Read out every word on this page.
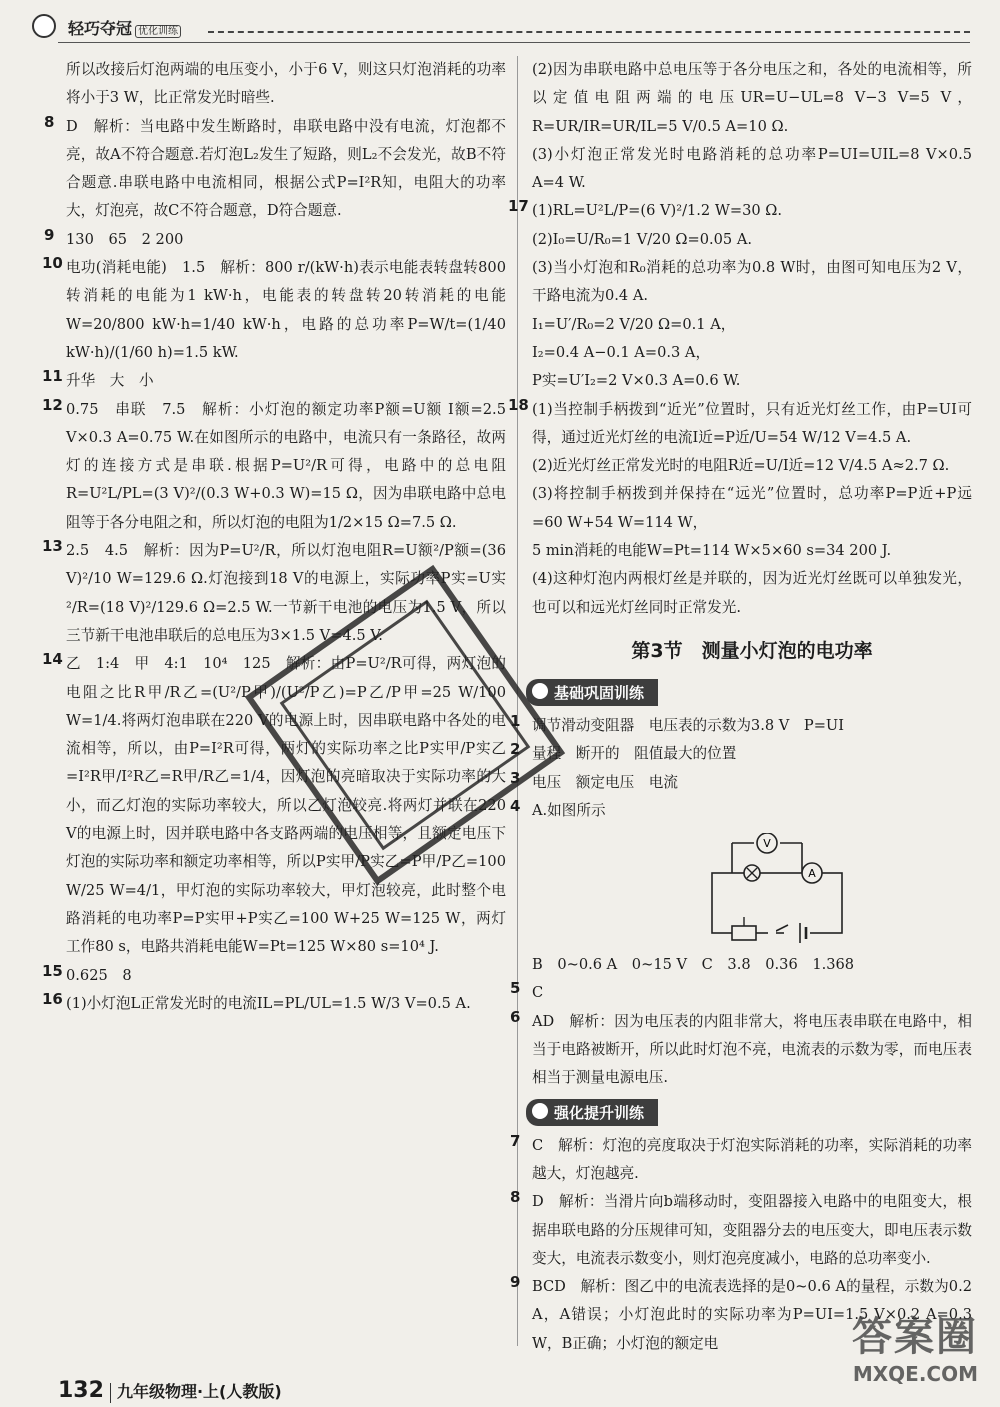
轻巧夺冠 优化训练

所以改接后灯泡两端的电压变小，小于6 V，则这只灯泡消耗的功率将小于3 W，比正常发光时暗些.

8 D　解析：当电路中发生断路时，串联电路中没有电流，灯泡都不亮，故A不符合题意.若灯泡L₂发生了短路，则L₂不会发光，故B不符合题意.串联电路中电流相同，根据公式P=I²R知，电阻大的功率大，灯泡亮，故C不符合题意，D符合题意.

9 130　65　2 200

10 电功(消耗电能)　1.5　解析：800 r/(kW·h)表示电能表转盘转800转消耗的电能为1 kW·h，电能表的转盘转20转消耗的电能W=20/800 kW·h=1/40 kW·h，电路的总功率P=W/t=(1/40 kW·h)/(1/60 h)=1.5 kW.

11 升华　大　小

12 0.75　串联　7.5　解析：小灯泡的额定功率P额=U额 I额=2.5 V×0.3 A=0.75 W.在如图所示的电路中，电流只有一条路径，故两灯的连接方式是串联.根据P=U²/R可得，电路中的总电阻R=U²L/PL=(3 V)²/(0.3 W+0.3 W)=15 Ω，因为串联电路中总电阻等于各分电阻之和，所以灯泡的电阻为1/2×15 Ω=7.5 Ω.

13 2.5　4.5　解析：因为P=U²/R，所以灯泡电阻R=U额²/P额=(36 V)²/10 W=129.6 Ω.灯泡接到18 V的电源上，实际功率P实=U实²/R=(18 V)²/129.6 Ω=2.5 W.一节新干电池的电压为1.5 V，所以三节新干电池串联后的总电压为3×1.5 V=4.5 V.

14 乙　1:4　甲　4:1　10⁴　125　解析：由P=U²/R可得，两灯泡的电阻之比R甲/R乙=(U²/P甲)/(U²/P乙)=P乙/P甲=25 W/100 W=1/4.将两灯泡串联在220 V的电源上时，因串联电路中各处的电流相等，所以，由P=I²R可得，两灯的实际功率之比P实甲/P实乙=I²R甲/I²R乙=R甲/R乙=1/4，因灯泡的亮暗取决于实际功率的大小，而乙灯泡的实际功率较大，所以乙灯泡较亮.将两灯并联在220 V的电源上时，因并联电路中各支路两端的电压相等，且额定电压下灯泡的实际功率和额定功率相等，所以P实甲/P实乙=P甲/P乙=100 W/25 W=4/1，甲灯泡的实际功率较大，甲灯泡较亮，此时整个电路消耗的电功率P=P实甲+P实乙=100 W+25 W=125 W，两灯工作80 s，电路共消耗电能W=Pt=125 W×80 s=10⁴ J.

15 0.625　8

16 (1)小灯泡L正常发光时的电流IL=PL/UL=1.5 W/3 V=0.5 A.

(2)因为串联电路中总电压等于各分电压之和，各处的电流相等，所以定值电阻两端的电压UR=U−UL=8 V−3 V=5 V，R=UR/IR=UR/IL=5 V/0.5 A=10 Ω.

(3)小灯泡正常发光时电路消耗的总功率P=UI=UIL=8 V×0.5 A=4 W.

17 (1)RL=U²L/P=(6 V)²/1.2 W=30 Ω.

(2)I₀=U/R₀=1 V/20 Ω=0.05 A.

(3)当小灯泡和R₀消耗的总功率为0.8 W时，由图可知电压为2 V，干路电流为0.4 A.

I₁=U′/R₀=2 V/20 Ω=0.1 A，

I₂=0.4 A−0.1 A=0.3 A，

P实=U′I₂=2 V×0.3 A=0.6 W.

18 (1)当控制手柄拨到“近光”位置时，只有近光灯丝工作，由P=UI可得，通过近光灯丝的电流I近=P近/U=54 W/12 V=4.5 A.

(2)近光灯丝正常发光时的电阻R近=U/I近=12 V/4.5 A≈2.7 Ω.

(3)将控制手柄拨到并保持在“远光”位置时，总功率P=P近+P远=60 W+54 W=114 W，

5 min消耗的电能W=Pt=114 W×5×60 s=34 200 J.

(4)这种灯泡内两根灯丝是并联的，因为近光灯丝既可以单独发光，也可以和远光灯丝同时正常发光.

第3节　测量小灯泡的电功率
基础巩固训练
1 调节滑动变阻器　电压表的示数为3.8 V　P=UI

2 量程　断开的　阻值最大的位置

3 电压　额定电压　电流

4 A.如图所示

V
A

B　0~0.6 A　0~15 V　C　3.8　0.36　1.368

5 C

6 AD　解析：因为电压表的内阻非常大，将电压表串联在电路中，相当于电路被断开，所以此时灯泡不亮，电流表的示数为零，而电压表相当于测量电源电压.

强化提升训练
7 C　解析：灯泡的亮度取决于灯泡实际消耗的功率，实际消耗的功率越大，灯泡越亮.

8 D　解析：当滑片向b端移动时，变阻器接入电路中的电阻变大，根据串联电路的分压规律可知，变阻器分去的电压变大，即电压表示数变大，电流表示数变小，则灯泡亮度减小，电路的总功率变小.

9 BCD　解析：图乙中的电流表选择的是0~0.6 A的量程，示数为0.2 A，A错误；小灯泡此时的实际功率为P=UI=1.5 V×0.2 A=0.3 W，B正确；小灯泡的额定电

132 九年级物理·上(人教版)
答案圈
MXQE.COM
